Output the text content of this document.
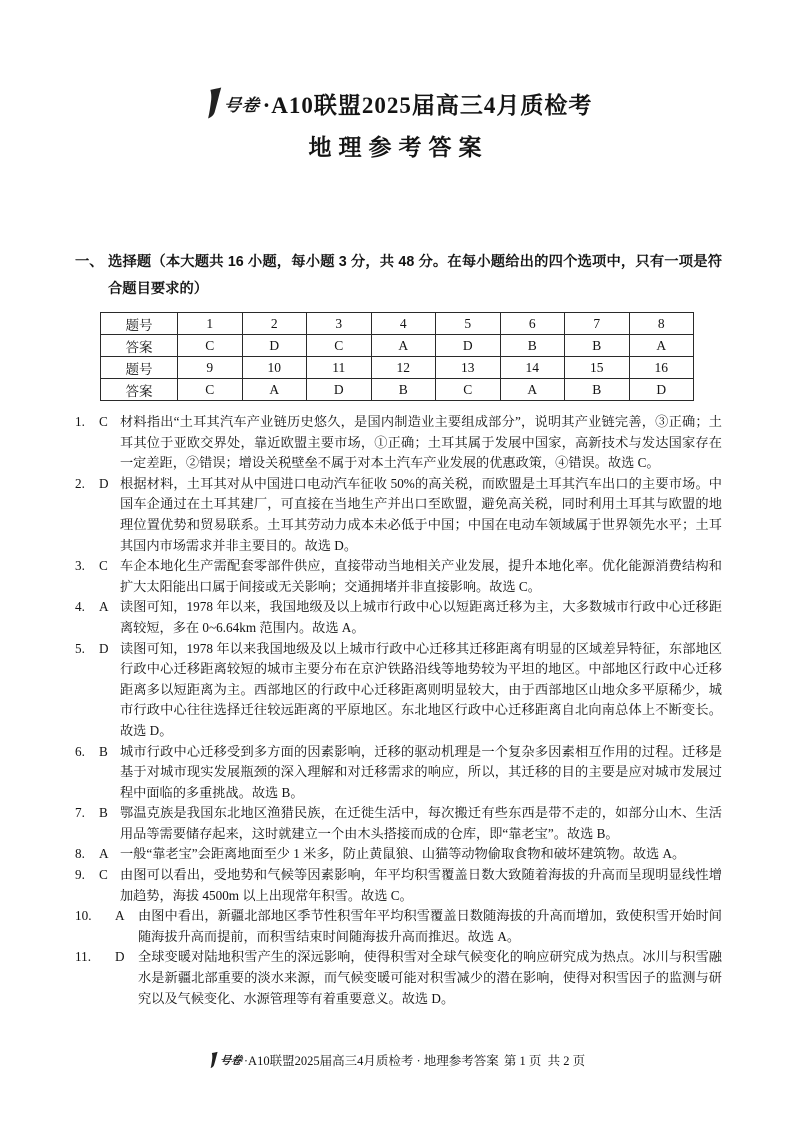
号卷 ·A10联盟2025届高三4月质检考
地理参考答案
一、 选择题（本大题共 16 小题，每小题 3 分，共 48 分。在每小题给出的四个选项中，只有一项是符合题目要求的）
题号	1	2	3	4	5	6	7	8
答案	C	D	C	A	D	B	B	A
题号	9	10	11	12	13	14	15	16
答案	C	A	D	B	C	A	B	D
1.	C 材料指出“土耳其汽车产业链历史悠久，是国内制造业主要组成部分”，说明其产业链完善，③正确；土耳其位于亚欧交界处，靠近欧盟主要市场，①正确；土耳其属于发展中国家，高新技术与发达国家存在一定差距，②错误；增设关税壁垒不属于对本土汽车产业发展的优惠政策，④错误。故选 C。
2.	D 根据材料，土耳其对从中国进口电动汽车征收 50%的高关税，而欧盟是土耳其汽车出口的主要市场。中国车企通过在土耳其建厂，可直接在当地生产并出口至欧盟，避免高关税，同时利用土耳其与欧盟的地理位置优势和贸易联系。土耳其劳动力成本未必低于中国；中国在电动车领域属于世界领先水平；土耳其国内市场需求并非主要目的。故选 D。
3.	C 车企本地化生产需配套零部件供应，直接带动当地相关产业发展，提升本地化率。优化能源消费结构和扩大太阳能出口属于间接或无关影响；交通拥堵并非直接影响。故选 C。
4.	A 读图可知，1978 年以来，我国地级及以上城市行政中心以短距离迁移为主，大多数城市行政中心迁移距离较短，多在 0~6.64km 范围内。故选 A。
5.	D 读图可知，1978 年以来我国地级及以上城市行政中心迁移其迁移距离有明显的区域差异特征，东部地区行政中心迁移距离较短的城市主要分布在京沪铁路沿线等地势较为平坦的地区。中部地区行政中心迁移距离多以短距离为主。西部地区的行政中心迁移距离则明显较大，由于西部地区山地众多平原稀少，城市行政中心往往选择迁往较远距离的平原地区。东北地区行政中心迁移距离自北向南总体上不断变长。故选 D。
6.	B 城市行政中心迁移受到多方面的因素影响，迁移的驱动机理是一个复杂多因素相互作用的过程。迁移是基于对城市现实发展瓶颈的深入理解和对迁移需求的响应，所以，其迁移的目的主要是应对城市发展过程中面临的多重挑战。故选 B。
7.	B 鄂温克族是我国东北地区渔猎民族，在迁徙生活中，每次搬迁有些东西是带不走的，如部分山木、生活用品等需要储存起来，这时就建立一个由木头搭接而成的仓库，即“靠老宝”。故选 B。
8.	A 一般“靠老宝”会距离地面至少 1 米多，防止黄鼠狼、山猫等动物偷取食物和破坏建筑物。故选 A。
9.	C 由图可以看出，受地势和气候等因素影响，年平均积雪覆盖日数大致随着海拔的升高而呈现明显线性增加趋势，海拔 4500m 以上出现常年积雪。故选 C。
10.	A	由图中看出，新疆北部地区季节性积雪年平均积雪覆盖日数随海拔的升高而增加，致使积雪开始时间随海拔升高而提前，而积雪结束时间随海拔升高而推迟。故选 A。
11.	D	全球变暖对陆地积雪产生的深远影响，使得积雪对全球气候变化的响应研究成为热点。冰川与积雪融水是新疆北部重要的淡水来源，而气候变暖可能对积雪减少的潜在影响，使得对积雪因子的监测与研究以及气候变化、水源管理等有着重要意义。故选 D。
号卷 ·A10联盟2025届高三4月质检考 · 地理参考答案 第 1 页  共 2 页
